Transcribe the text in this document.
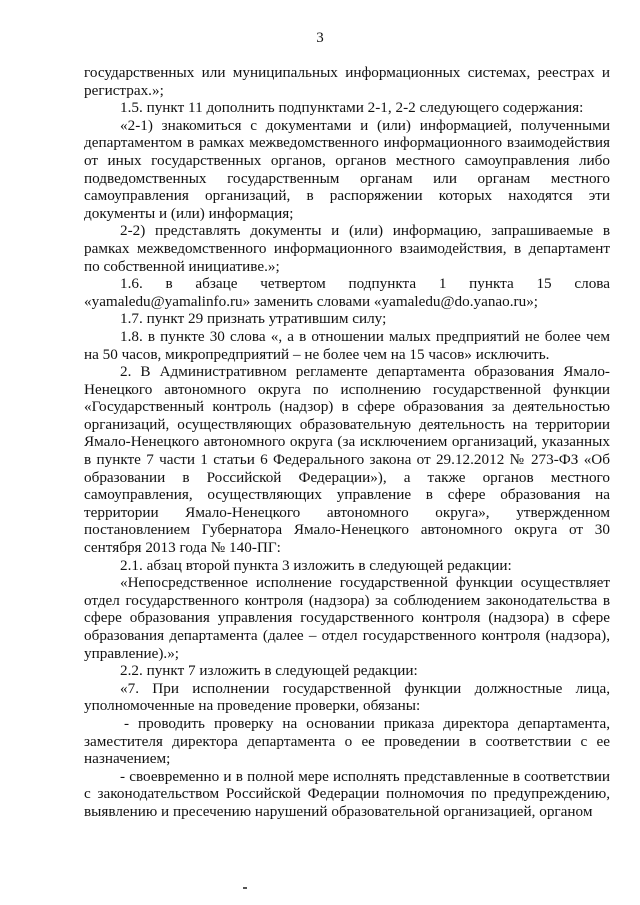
3

государственных или муниципальных информационных системах, реестрах и регистрах.»;

1.5. пункт 11 дополнить подпунктами 2-1, 2-2 следующего содержания:

«2-1) знакомиться с документами и (или) информацией, полученными департаментом в рамках межведомственного информационного взаимодействия от иных государственных органов, органов местного самоуправления либо подведомственных государственным органам или органам местного самоуправления организаций, в распоряжении которых находятся эти документы и (или) информация;

2-2) представлять документы и (или) информацию, запрашиваемые в рамках межведомственного информационного взаимодействия, в департамент по собственной инициативе.»;

1.6. в абзаце четвертом подпункта 1 пункта 15 слова «yamaledu@yamalinfo.ru» заменить словами «yamaledu@do.yanao.ru»;

1.7. пункт 29 признать утратившим силу;

1.8. в пункте 30 слова «, а в отношении малых предприятий не более чем на 50 часов, микропредприятий – не более чем на 15 часов» исключить.

2. В Административном регламенте департамента образования Ямало-Ненецкого автономного округа по исполнению государственной функции «Государственный контроль (надзор) в сфере образования за деятельностью организаций, осуществляющих образовательную деятельность на территории Ямало-Ненецкого автономного округа (за исключением организаций, указанных в пункте 7 части 1 статьи 6 Федерального закона от 29.12.2012 № 273-ФЗ «Об образовании в Российской Федерации»), а также органов местного самоуправления, осуществляющих управление в сфере образования на территории Ямало-Ненецкого автономного округа», утвержденном постановлением Губернатора Ямало-Ненецкого автономного округа от 30 сентября 2013 года № 140-ПГ:

2.1. абзац второй пункта 3 изложить в следующей редакции:

«Непосредственное исполнение государственной функции осуществляет отдел государственного контроля (надзора) за соблюдением законодательства в сфере образования управления государственного контроля (надзора) в сфере образования департамента (далее – отдел государственного контроля (надзора), управление).»;

2.2. пункт 7 изложить в следующей редакции:

«7. При исполнении государственной функции должностные лица, уполномоченные на проведение проверки, обязаны:

- проводить проверку на основании приказа директора департамента, заместителя директора департамента о ее проведении в соответствии с ее назначением;

- своевременно и в полной мере исполнять представленные в соответствии с законодательством Российской Федерации полномочия по предупреждению, выявлению и пресечению нарушений образовательной организацией, органом
